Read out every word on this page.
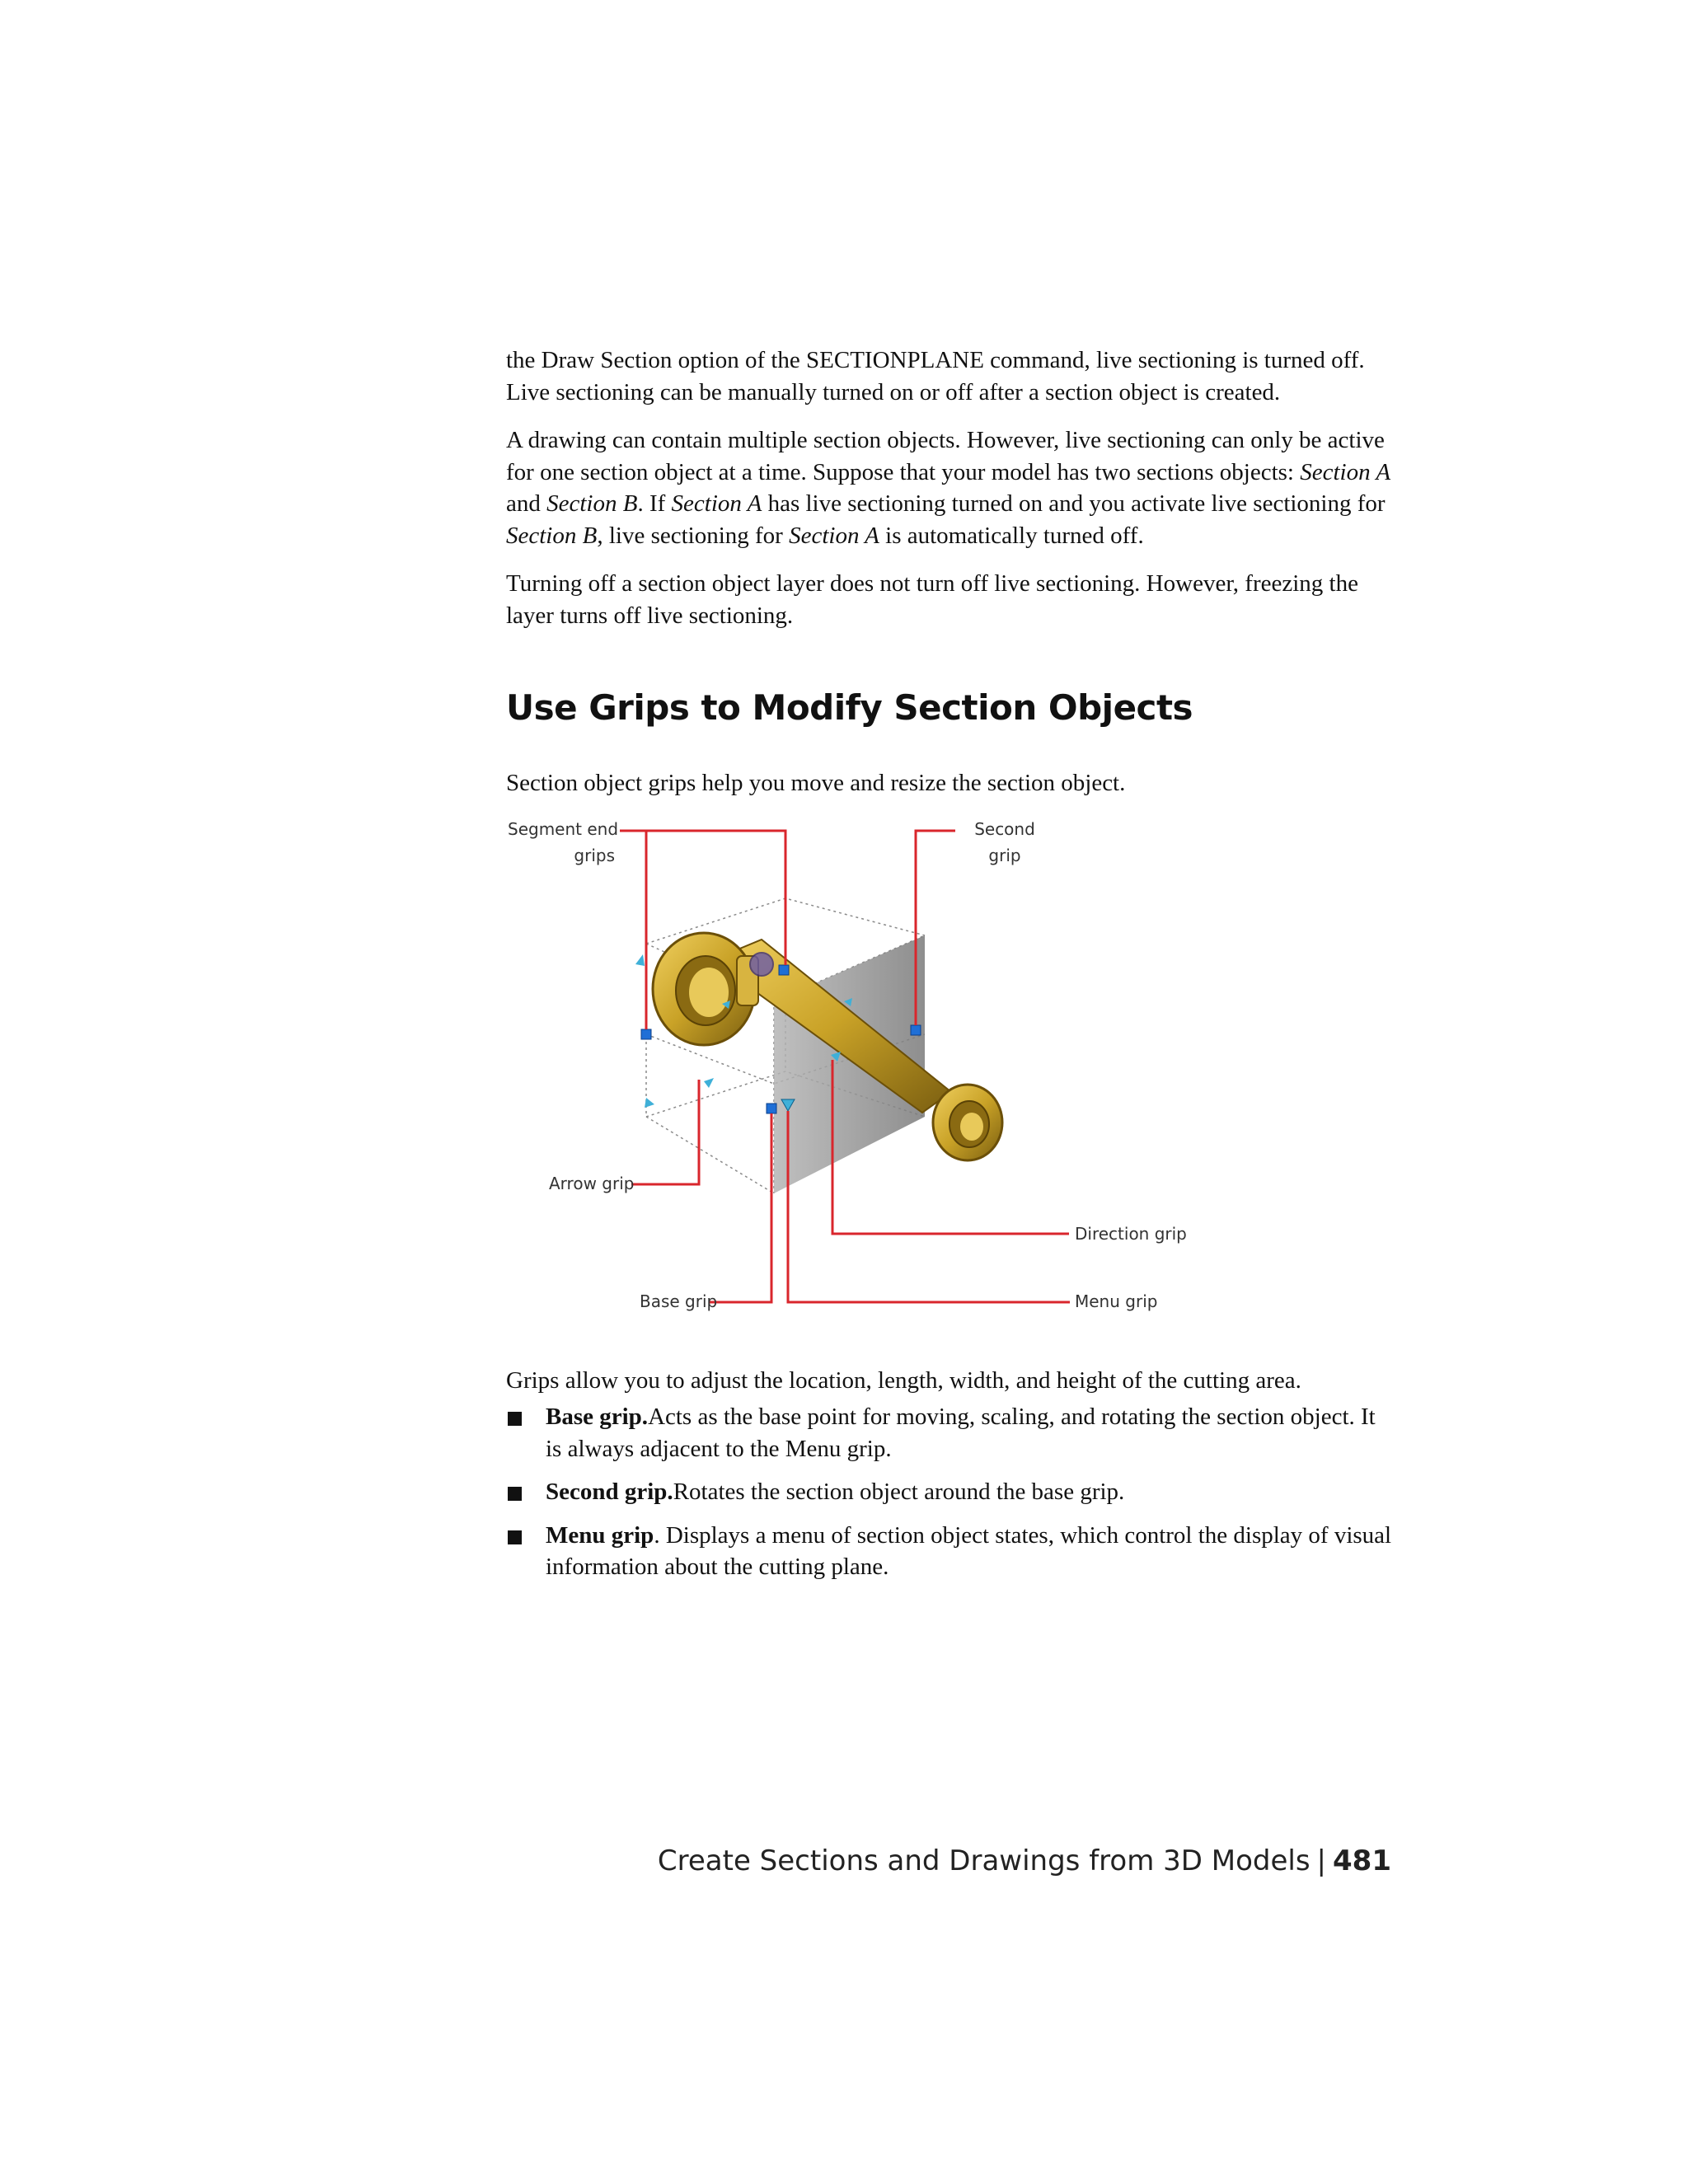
the Draw Section option of the SECTIONPLANE command, live sectioning is turned off. Live sectioning can be manually turned on or off after a section object is created.

A drawing can contain multiple section objects. However, live sectioning can only be active for one section object at a time. Suppose that your model has two sections objects: Section A and Section B. If Section A has live sectioning turned on and you activate live sectioning for Section B, live sectioning for Section A is automatically turned off.

Turning off a section object layer does not turn off live sectioning. However, freezing the layer turns off live sectioning.

Use Grips to Modify Section Objects

Section object grips help you move and resize the section object.

Segment end
grips
Second
grip
Arrow grip
Direction grip
Base grip	Menu grip

Grips allow you to adjust the location, length, width, and height of the cutting area.

Base grip.Acts as the base point for moving, scaling, and rotating the section object. It is always adjacent to the Menu grip.
Second grip.Rotates the section object around the base grip.
Menu grip. Displays a menu of section object states, which control the display of visual information about the cutting plane.
Create Sections and Drawings from 3D Models | 481
